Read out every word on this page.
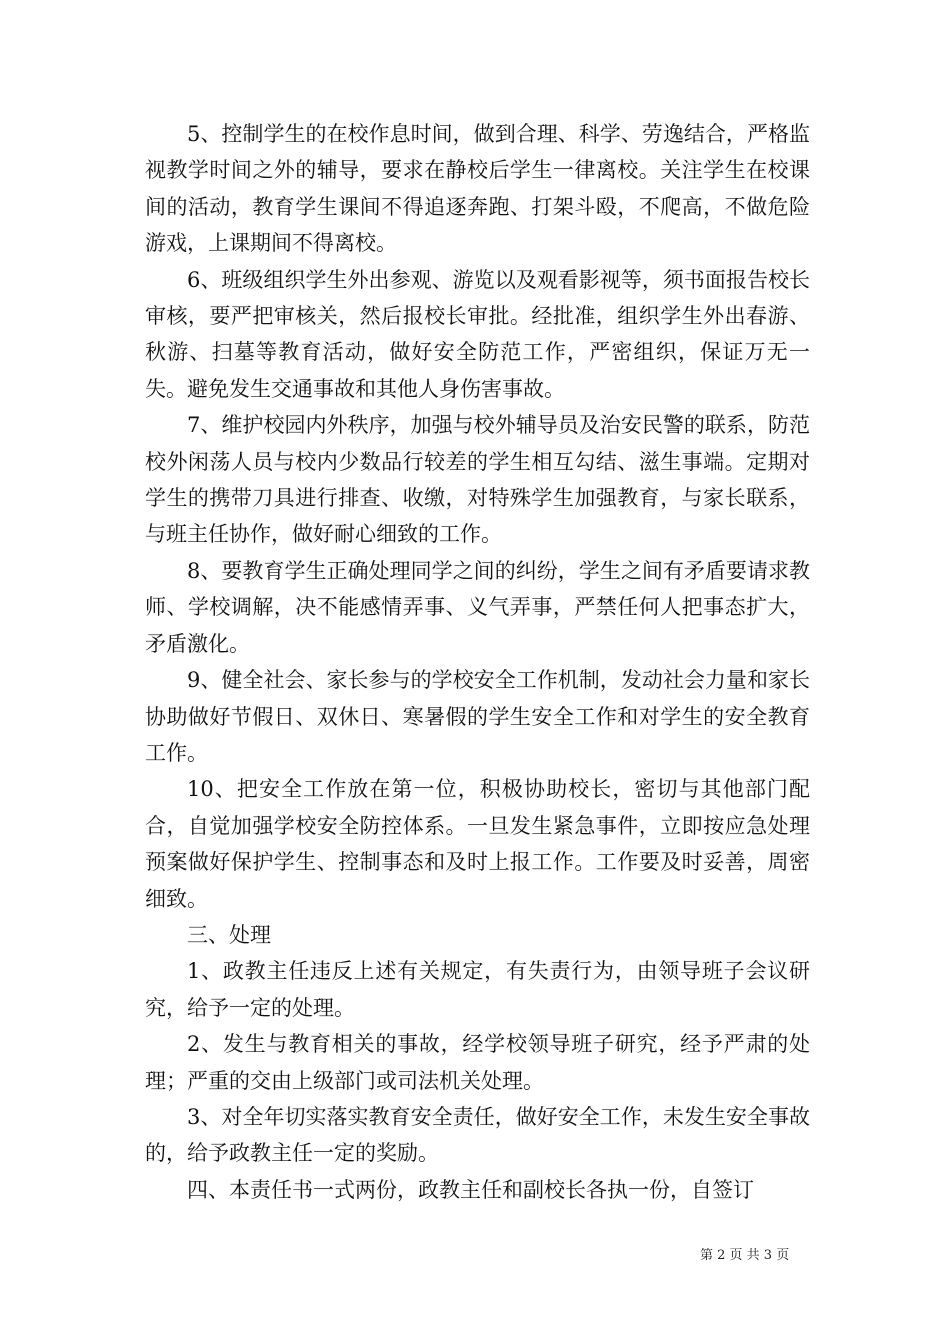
5、控制学生的在校作息时间，做到合理、科学、劳逸结合，严格监视教学时间之外的辅导，要求在静校后学生一律离校。关注学生在校课间的活动，教育学生课间不得追逐奔跑、打架斗殴，不爬高，不做危险游戏，上课期间不得离校。

6、班级组织学生外出参观、游览以及观看影视等，须书面报告校长审核，要严把审核关，然后报校长审批。经批准，组织学生外出春游、秋游、扫墓等教育活动，做好安全防范工作，严密组织，保证万无一失。避免发生交通事故和其他人身伤害事故。

7、维护校园内外秩序，加强与校外辅导员及治安民警的联系，防范校外闲荡人员与校内少数品行较差的学生相互勾结、滋生事端。定期对学生的携带刀具进行排查、收缴，对特殊学生加强教育，与家长联系，与班主任协作，做好耐心细致的工作。

8、要教育学生正确处理同学之间的纠纷，学生之间有矛盾要请求教师、学校调解，决不能感情弄事、义气弄事，严禁任何人把事态扩大，矛盾激化。

9、健全社会、家长参与的学校安全工作机制，发动社会力量和家长协助做好节假日、双休日、寒暑假的学生安全工作和对学生的安全教育工作。

10、把安全工作放在第一位，积极协助校长，密切与其他部门配合，自觉加强学校安全防控体系。一旦发生紧急事件，立即按应急处理预案做好保护学生、控制事态和及时上报工作。工作要及时妥善，周密细致。

三、处理

1、政教主任违反上述有关规定，有失责行为，由领导班子会议研究，给予一定的处理。

2、发生与教育相关的事故，经学校领导班子研究，经予严肃的处理；严重的交由上级部门或司法机关处理。

3、对全年切实落实教育安全责任，做好安全工作，未发生安全事故的，给予政教主任一定的奖励。

四、本责任书一式两份，政教主任和副校长各执一份，自签订

第 2 页 共 3 页
